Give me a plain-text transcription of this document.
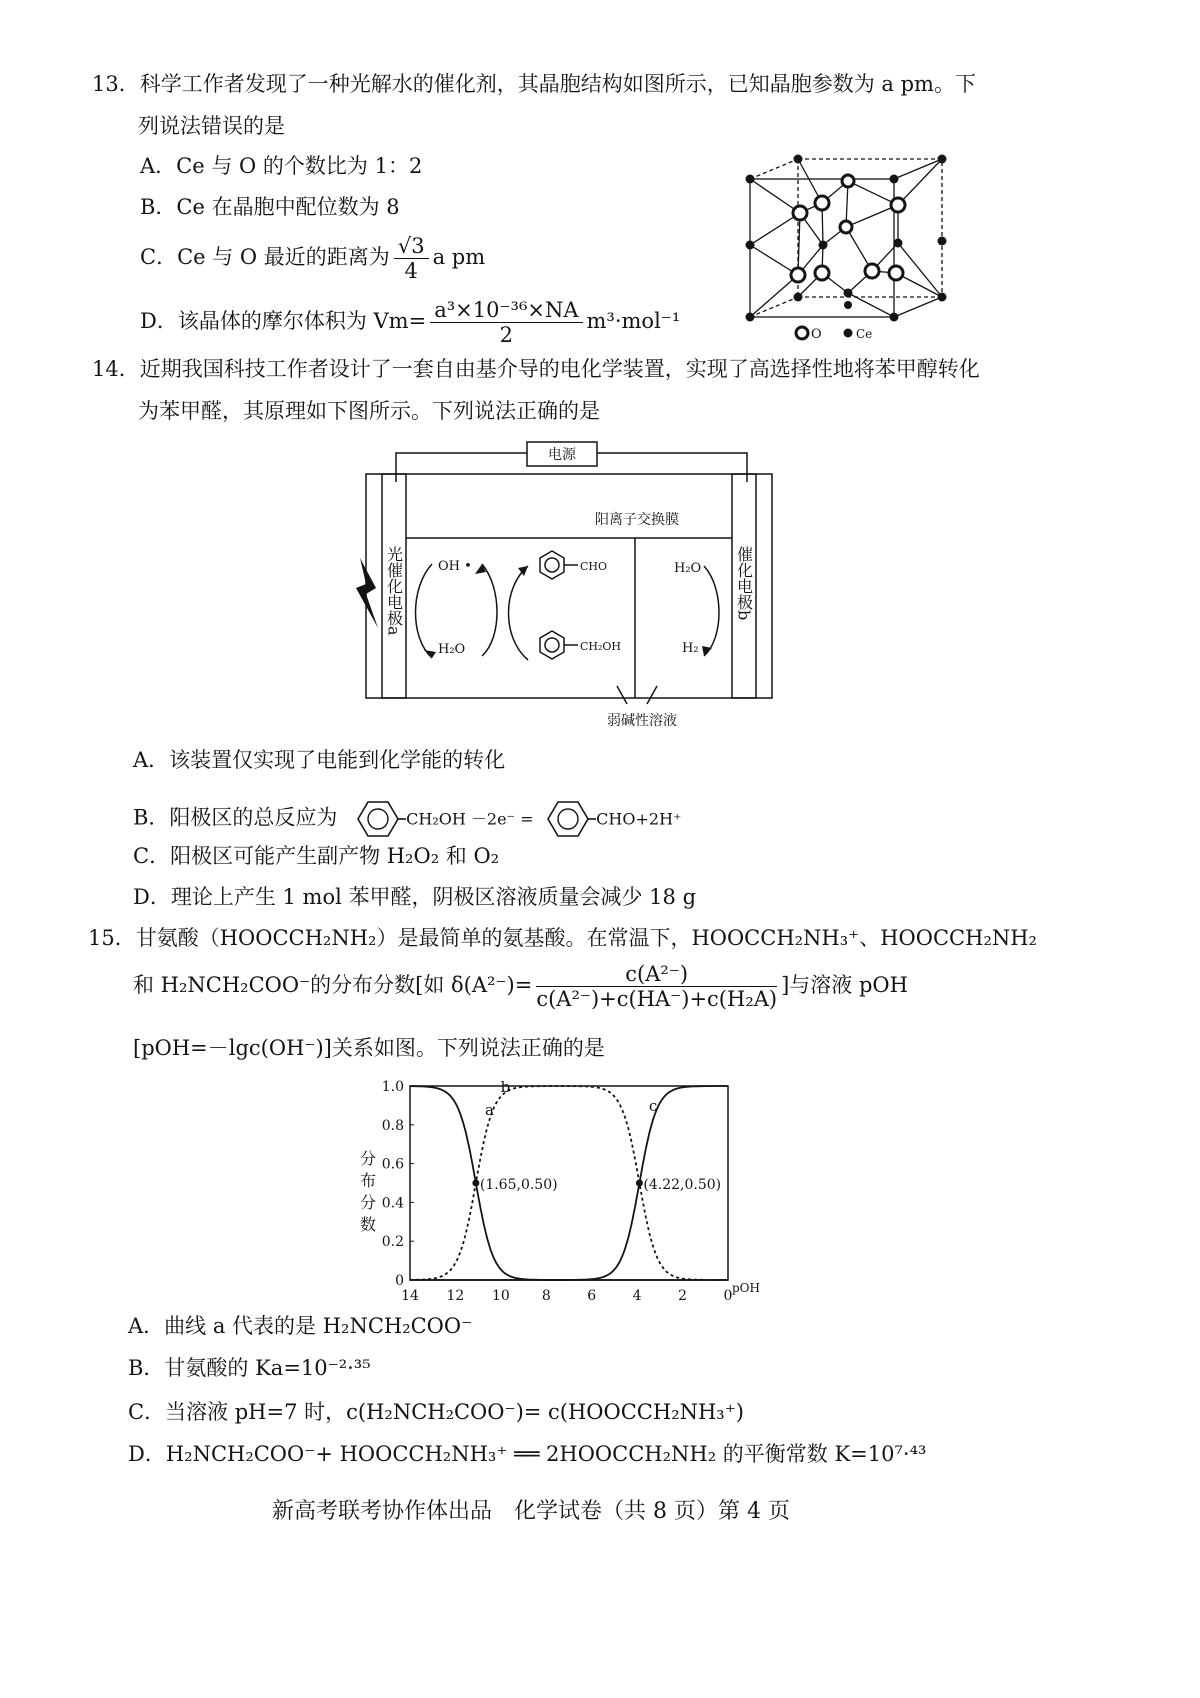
13．科学工作者发现了一种光解水的催化剂，其晶胞结构如图所示，已知晶胞参数为 a pm。下
列说法错误的是
A．Ce 与 O 的个数比为 1：2
B．Ce 在晶胞中配位数为 8
C．Ce 与 O 最近的距离为 $\frac{√3}{4}$ a pm
D．该晶体的摩尔体积为 $Vm= \frac{\text{a³×10⁻³⁶×NA}}{2} m^3\cdot mol^{-1}$
O	Ce
14．近期我国科技工作者设计了一套自由基介导的电化学装置，实现了高选择性地将苯甲醇转化
为苯甲醛，其原理如下图所示。下列说法正确的是
电源
阳离子交换膜
弱碱性溶液
OH •
H₂O
CHO
CH₂OH
H₂O
H₂
光催化电极a	催化电极b
A．该装置仅实现了电能到化学能的转化
B．阳极区的总反应为	CH₂OH －2e⁻ =	CHO+2H⁺
C．阳极区可能产生副产物 H₂O₂ 和 O₂
D．理论上产生 1 mol 苯甲醛，阴极区溶液质量会减少 18 g
15．甘氨酸（HOOCCH₂NH₂）是最简单的氨基酸。在常温下，HOOCCH₂NH₃⁺、HOOCCH₂NH₂
和 H₂NCH₂COO⁻的分布分数[如 $\delta(A^{2-})= \frac{\text{c(A²⁻)}}{\text{c(A²⁻)+c(HA⁻)+c(H₂A)}}$ ]与溶液 pOH
[pOH=－lgc(OH⁻)]关系如图。下列说法正确的是
0
0.2
0.4
0.6
0.8
1.0
14 12 10 8	6	4	2	0 pOH
分
布
分
数
a
b
c
(1.65,0.50)	(4.22,0.50)
A．曲线 a 代表的是 H₂NCH₂COO⁻
B．甘氨酸的 Ka=10⁻²·³⁵
C．当溶液 pH=7 时，c(H₂NCH₂COO⁻)= c(HOOCCH₂NH₃⁺)
D．H₂NCH₂COO⁻+ HOOCCH₂NH₃⁺ ══ 2HOOCCH₂NH₂ 的平衡常数 K=10⁷·⁴³
新高考联考协作体出品　化学试卷（共 8 页）第 4 页
